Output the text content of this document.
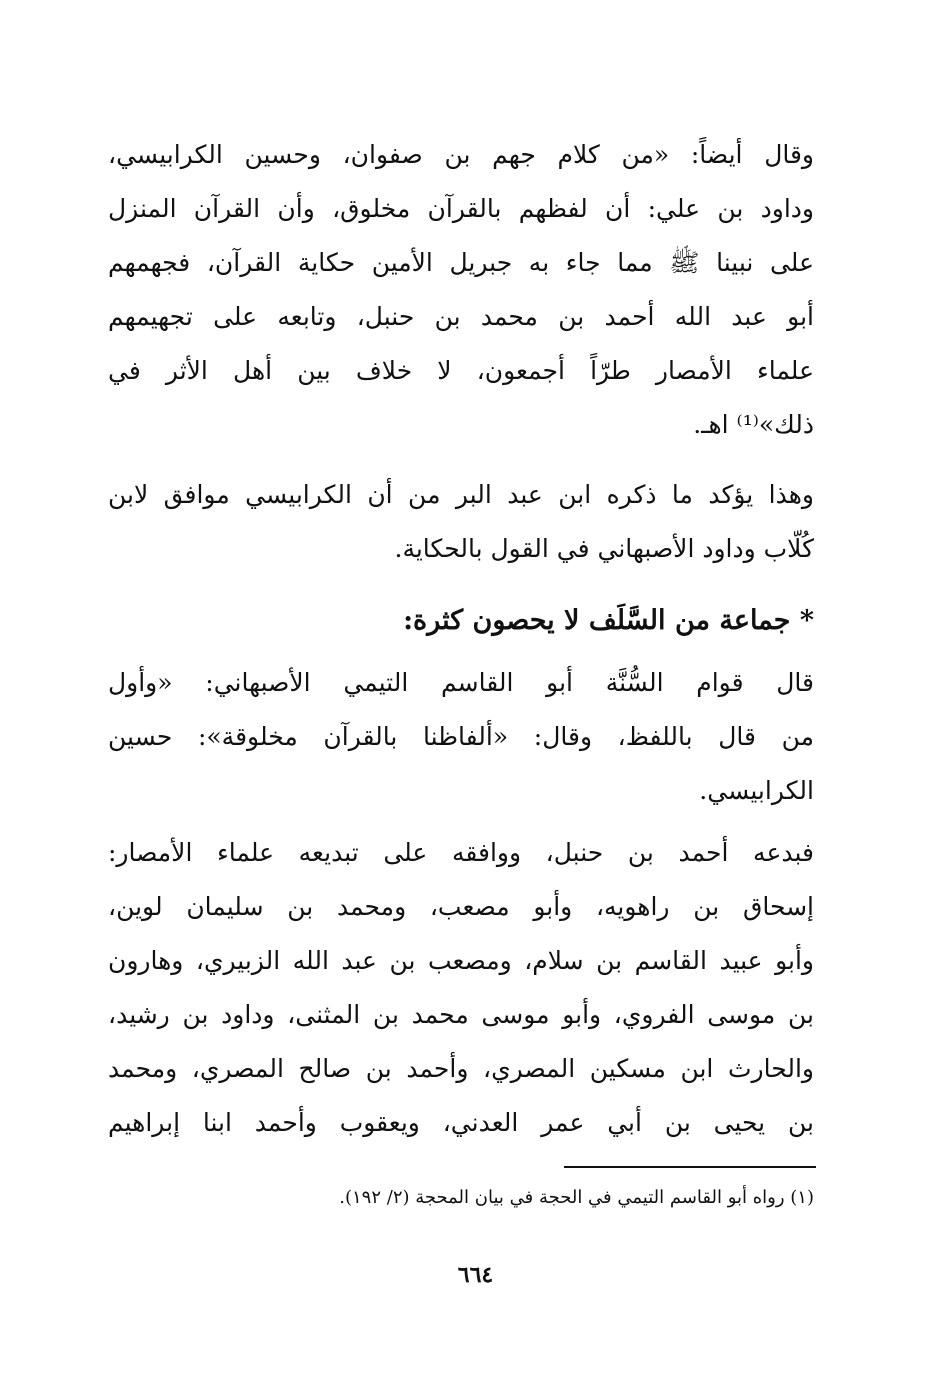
وقال أيضاً: «من كلام جهم بن صفوان، وحسين الكرابيسي،
وداود بن علي: أن لفظهم بالقرآن مخلوق، وأن القرآن المنزل
على نبينا ﷺ مما جاء به جبريل الأمين حكاية القرآن، فجهمهم
أبو عبد الله أحمد بن محمد بن حنبل، وتابعه على تجهيمهم
علماء الأمصار طرّاً أجمعون، لا خلاف بين أهل الأثر في
ذلك»⁽¹⁾ اهـ.
وهذا يؤكد ما ذكره ابن عبد البر من أن الكرابيسي موافق لابن
كُلّاب وداود الأصبهاني في القول بالحكاية.
* جماعة من السَّلَف لا يحصون كثرة:
قال قوام السُّنَّة أبو القاسم التيمي الأصبهاني: «وأول
من قال باللفظ، وقال: «ألفاظنا بالقرآن مخلوقة»: حسين
الكرابيسي.
فبدعه أحمد بن حنبل، ووافقه على تبديعه علماء الأمصار:
إسحاق بن راهويه، وأبو مصعب، ومحمد بن سليمان لوين،
وأبو عبيد القاسم بن سلام، ومصعب بن عبد الله الزبيري، وهارون
بن موسى الفروي، وأبو موسى محمد بن المثنى، وداود بن رشيد،
والحارث ابن مسكين المصري، وأحمد بن صالح المصري، ومحمد
بن يحيى بن أبي عمر العدني، ويعقوب وأحمد ابنا إبراهيم
(١) رواه أبو القاسم التيمي في الحجة في بيان المحجة (٢/ ١٩٢).
٦٦٤
